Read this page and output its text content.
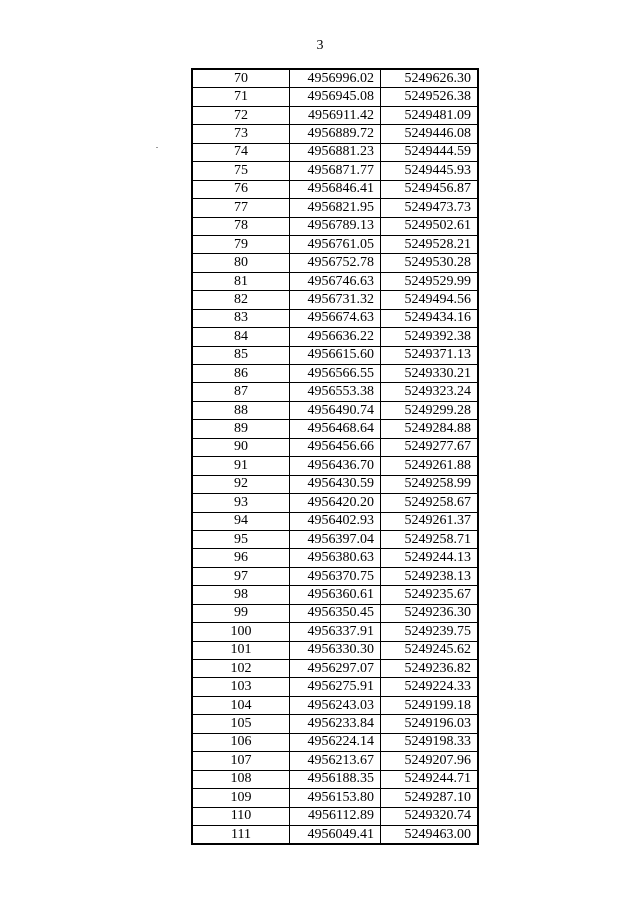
3
70	4956996.02	5249626.30
71	4956945.08	5249526.38
72	4956911.42	5249481.09
73	4956889.72	5249446.08
74	4956881.23	5249444.59
75	4956871.77	5249445.93
76	4956846.41	5249456.87
77	4956821.95	5249473.73
78	4956789.13	5249502.61
79	4956761.05	5249528.21
80	4956752.78	5249530.28
81	4956746.63	5249529.99
82	4956731.32	5249494.56
83	4956674.63	5249434.16
84	4956636.22	5249392.38
85	4956615.60	5249371.13
86	4956566.55	5249330.21
87	4956553.38	5249323.24
88	4956490.74	5249299.28
89	4956468.64	5249284.88
90	4956456.66	5249277.67
91	4956436.70	5249261.88
92	4956430.59	5249258.99
93	4956420.20	5249258.67
94	4956402.93	5249261.37
95	4956397.04	5249258.71
96	4956380.63	5249244.13
97	4956370.75	5249238.13
98	4956360.61	5249235.67
99	4956350.45	5249236.30
100	4956337.91	5249239.75
101	4956330.30	5249245.62
102	4956297.07	5249236.82
103	4956275.91	5249224.33
104	4956243.03	5249199.18
105	4956233.84	5249196.03
106	4956224.14	5249198.33
107	4956213.67	5249207.96
108	4956188.35	5249244.71
109	4956153.80	5249287.10
110	4956112.89	5249320.74
111	4956049.41	5249463.00
